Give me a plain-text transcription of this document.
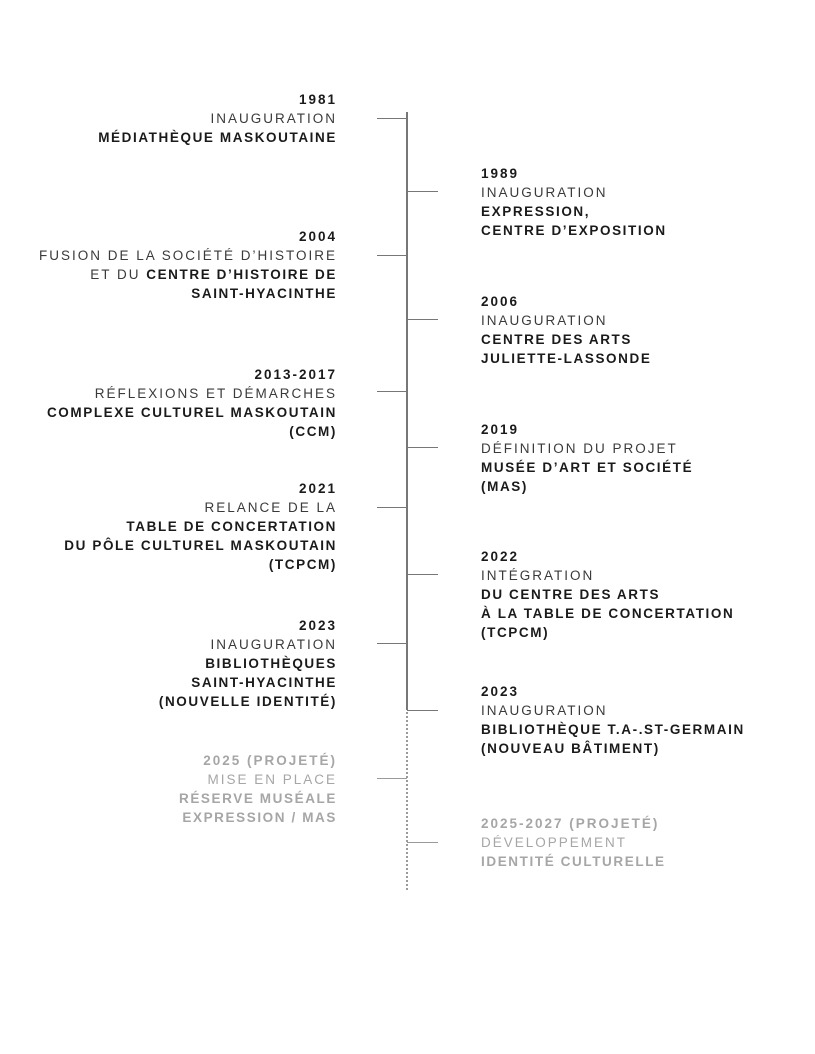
1981
INAUGURATION
MÉDIATHÈQUE MASKOUTAINE
1989
INAUGURATION
EXPRESSION,
CENTRE D’EXPOSITION
2004
FUSION DE LA SOCIÉTÉ D’HISTOIRE
ET DU CENTRE D’HISTOIRE DE
SAINT-HYACINTHE
2006
INAUGURATION
CENTRE DES ARTS
JULIETTE-LASSONDE
2013-2017
RÉFLEXIONS ET DÉMARCHES
COMPLEXE CULTUREL MASKOUTAIN
(CCM)	2019
DÉFINITION DU PROJET
MUSÉE D’ART ET SOCIÉTÉ
(MAS)
2021
RELANCE DE LA
TABLE DE CONCERTATION
DU PÔLE CULTUREL MASKOUTAIN
(TCPCM)
2022
INTÉGRATION
DU CENTRE DES ARTS
À LA TABLE DE CONCERTATION
(TCPCM)
2023
INAUGURATION
BIBLIOTHÈQUES
SAINT-HYACINTHE
(NOUVELLE IDENTITÉ)
2023
INAUGURATION
BIBLIOTHÈQUE T.A-.ST-GERMAIN
(NOUVEAU BÂTIMENT)
2025 (PROJETÉ)
MISE EN PLACE
RÉSERVE MUSÉALE
EXPRESSION / MAS	2025-2027 (PROJETÉ)
DÉVELOPPEMENT
IDENTITÉ CULTURELLE
